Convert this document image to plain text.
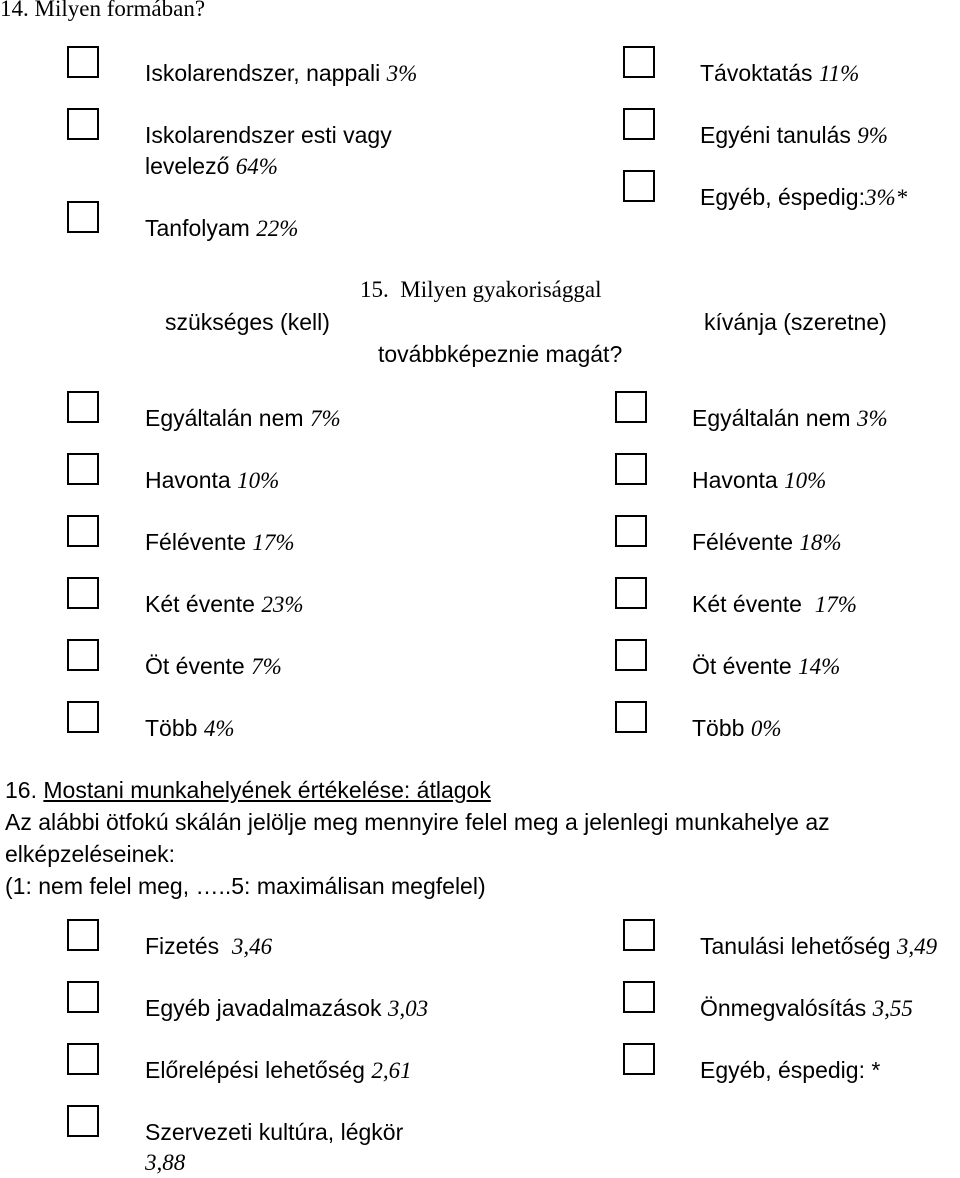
14. Milyen formában?
Iskolarendszer, nappali 3%
Iskolarendszer esti vagy
levelező 64%
Tanfolyam 22%
Távoktatás 11%
Egyéni tanulás 9%
Egyéb, éspedig:3%*
15. Milyen gyakorisággal
szükséges (kell)	kívánja (szeretne)
továbbképeznie magát?
Egyáltalán nem 7%
Havonta 10%
Félévente 17%
Két évente 23%
Öt évente 7%
Több 4%
Egyáltalán nem 3%
Havonta 10%
Félévente 18%
Két évente 17%
Öt évente 14%
Több 0%
16. Mostani munkahelyének értékelése: átlagok
Az alábbi ötfokú skálán jelölje meg mennyire felel meg a jelenlegi munkahelye az
elképzeléseinek:
(1: nem felel meg, …..5: maximálisan megfelel)
Fizetés 3,46
Egyéb javadalmazások 3,03
Előrelépési lehetőség 2,61
Szervezeti kultúra, légkör
3,88
Tanulási lehetőség 3,49
Önmegvalósítás 3,55
Egyéb, éspedig: *
